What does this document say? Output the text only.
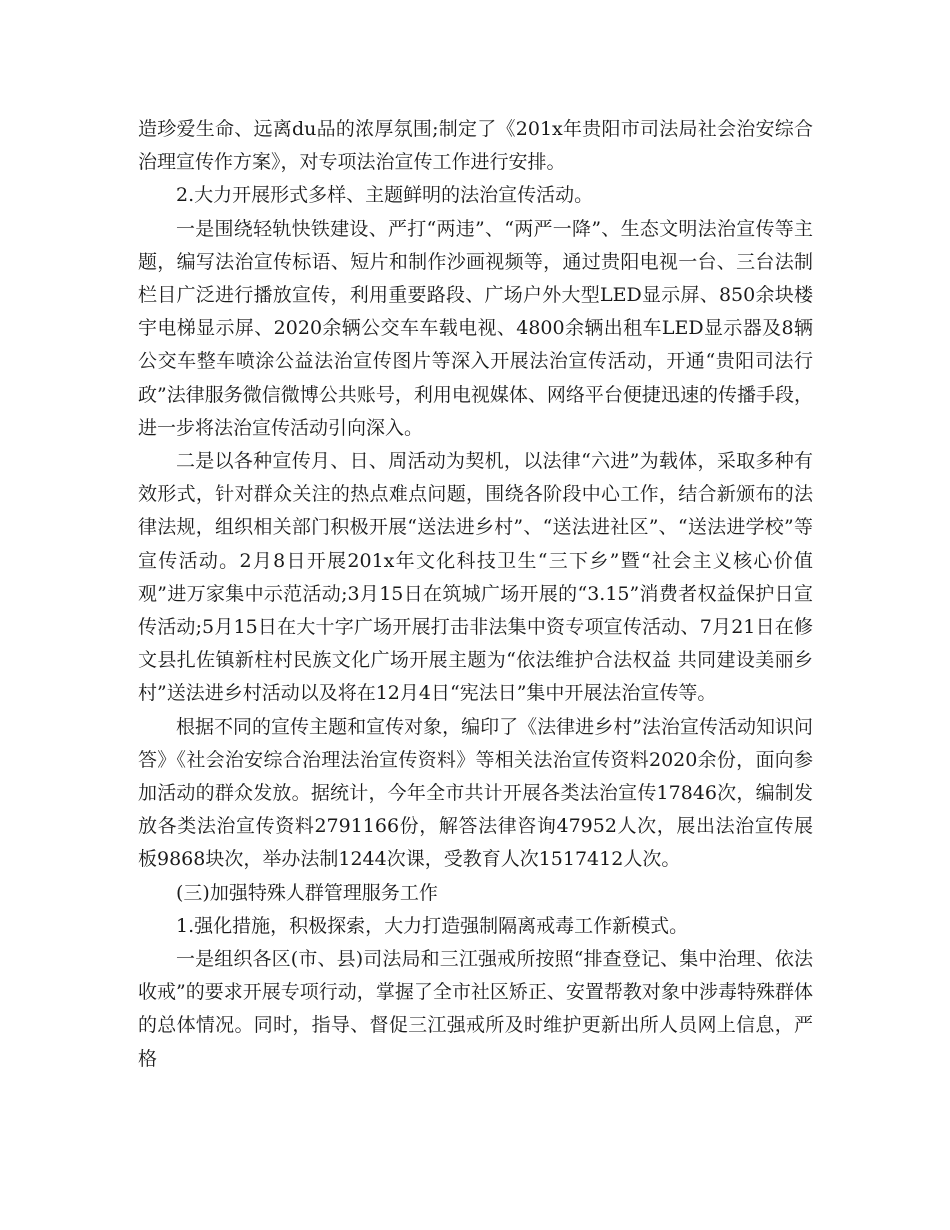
造珍爱生命、远离du品的浓厚氛围;制定了《201x年贵阳市司法局社会治安综合治理宣传作方案》，对专项法治宣传工作进行安排。

2.大力开展形式多样、主题鲜明的法治宣传活动。

一是围绕轻轨快铁建设、严打“两违”、“两严一降”、生态文明法治宣传等主题，编写法治宣传标语、短片和制作沙画视频等，通过贵阳电视一台、三台法制栏目广泛进行播放宣传，利用重要路段、广场户外大型LED显示屏、850余块楼宇电梯显示屏、2020余辆公交车车载电视、4800余辆出租车LED显示器及8辆公交车整车喷涂公益法治宣传图片等深入开展法治宣传活动，开通“贵阳司法行政”法律服务微信微博公共账号，利用电视媒体、网络平台便捷迅速的传播手段，进一步将法治宣传活动引向深入。

二是以各种宣传月、日、周活动为契机，以法律“六进”为载体，采取多种有效形式，针对群众关注的热点难点问题，围绕各阶段中心工作，结合新颁布的法律法规，组织相关部门积极开展“送法进乡村”、“送法进社区”、“送法进学校”等宣传活动。2月8日开展201x年文化科技卫生“三下乡”暨“社会主义核心价值观”进万家集中示范活动;3月15日在筑城广场开展的“3.15”消费者权益保护日宣传活动;5月15日在大十字广场开展打击非法集中资专项宣传活动、7月21日在修文县扎佐镇新柱村民族文化广场开展主题为“依法维护合法权益 共同建设美丽乡村”送法进乡村活动以及将在12月4日“宪法日”集中开展法治宣传等。

根据不同的宣传主题和宣传对象，编印了《法律进乡村”法治宣传活动知识问答》《社会治安综合治理法治宣传资料》等相关法治宣传资料2020余份，面向参加活动的群众发放。据统计，今年全市共计开展各类法治宣传17846次，编制发放各类法治宣传资料2791166份，解答法律咨询47952人次，展出法治宣传展板9868块次，举办法制1244次课，受教育人次1517412人次。

(三)加强特殊人群管理服务工作

1.强化措施，积极探索，大力打造强制隔离戒毒工作新模式。

一是组织各区(市、县)司法局和三江强戒所按照“排查登记、集中治理、依法收戒”的要求开展专项行动，掌握了全市社区矫正、安置帮教对象中涉毒特殊群体的总体情况。同时，指导、督促三江强戒所及时维护更新出所人员网上信息，严格
